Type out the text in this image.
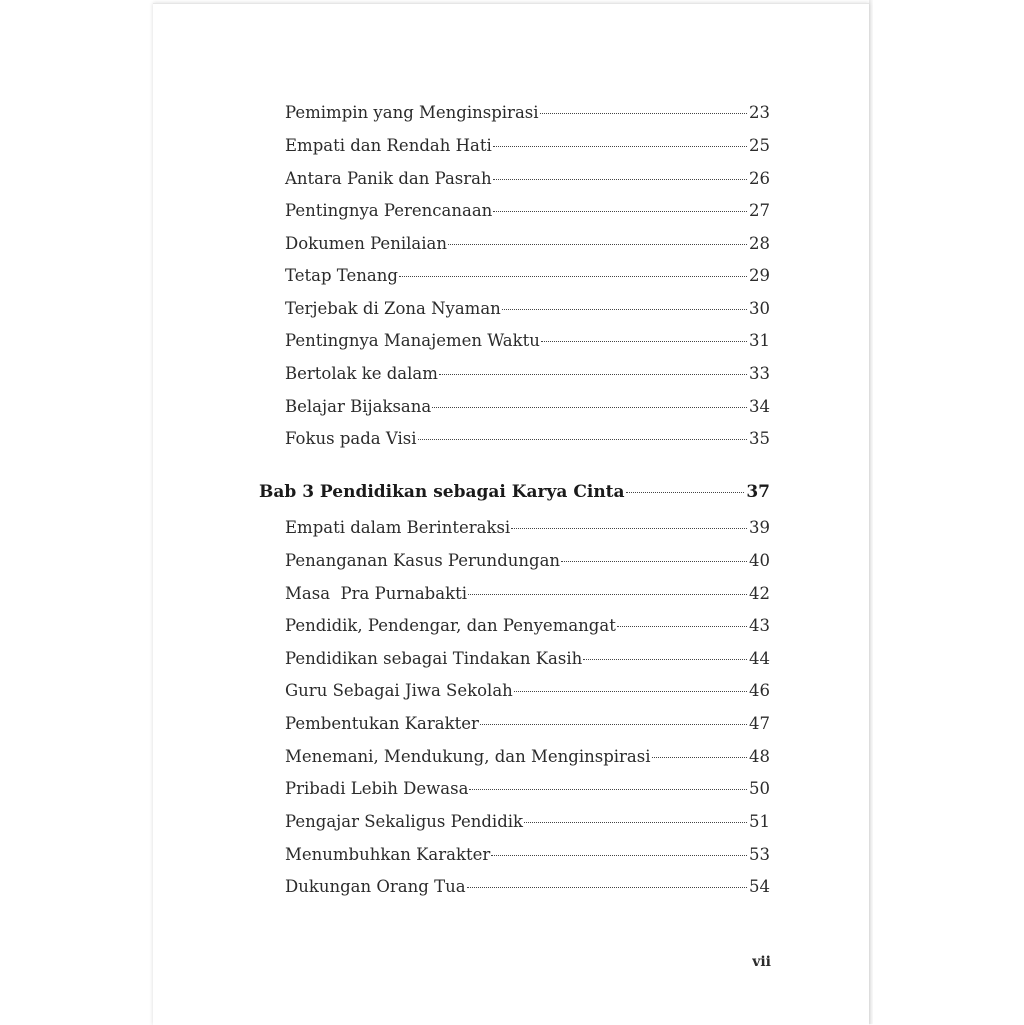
Pemimpin yang Menginspirasi	23
Empati dan Rendah Hati	25
Antara Panik dan Pasrah	26
Pentingnya Perencanaan	27
Dokumen Penilaian	28
Tetap Tenang	29
Terjebak di Zona Nyaman	30
Pentingnya Manajemen Waktu	31
Bertolak ke dalam	33
Belajar Bijaksana	34
Fokus pada Visi	35
Bab 3 Pendidikan sebagai Karya Cinta	37
Empati dalam Berinteraksi	39
Penanganan Kasus Perundungan	40
Masa  Pra Purnabakti	42
Pendidik, Pendengar, dan Penyemangat	43
Pendidikan sebagai Tindakan Kasih	44
Guru Sebagai Jiwa Sekolah	46
Pembentukan Karakter	47
Menemani, Mendukung, dan Menginspirasi	48
Pribadi Lebih Dewasa	50
Pengajar Sekaligus Pendidik	51
Menumbuhkan Karakter	53
Dukungan Orang Tua	54
vii
